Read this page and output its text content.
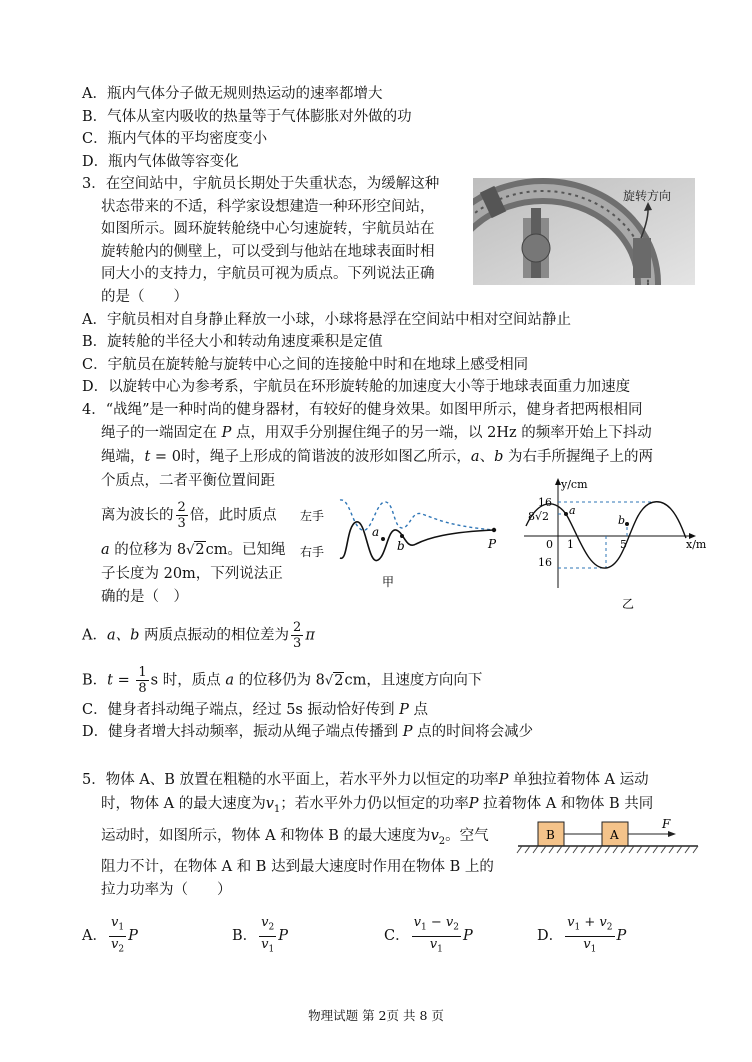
A．瓶内气体分子做无规则热运动的速率都增大
B．气体从室内吸收的热量等于气体膨胀对外做的功
C．瓶内气体的平均密度变小
D．瓶内气体做等容变化
3．在空间站中，宇航员长期处于失重状态，为缓解这种
状态带来的不适，科学家设想建造一种环形空间站，
如图所示。圆环旋转舱绕中心匀速旋转，宇航员站在
旋转舱内的侧壁上，可以受到与他站在地球表面时相
同大小的支持力，宇航员可视为质点。下列说法正确
的是（　　）
旋转方向
A．宇航员相对自身静止释放一小球，小球将悬浮在空间站中相对空间站静止
B．旋转舱的半径大小和转动角速度乘积是定值
C．宇航员在旋转舱与旋转中心之间的连接舱中时和在地球上感受相同
D．以旋转中心为参考系，宇航员在环形旋转舱的加速度大小等于地球表面重力加速度
4．“战绳”是一种时尚的健身器材，有较好的健身效果。如图甲所示，健身者把两根相同
绳子的一端固定在 P 点，用双手分别握住绳子的另一端，以 2Hz 的频率开始上下抖动
绳端，t = 0时，绳子上形成的简谐波的波形如图乙所示，a、b 为右手所握绳子上的两
个质点，二者平衡位置间距
离为波长的 $\frac{2}{3}$ 倍，此时质点
a 的位移为 8√2cm。已知绳
子长度为 20m，下列说法正
确的是（　）
左手
右手
a
b	P
甲
y/cm
x/m
16
8√2
0 1	5
16
a
b
乙
A．a、b 两质点振动的相位差为 $\frac{2}{3}$ π
B．$t = \frac{1}{8}$ s 时，质点 a 的位移仍为 8√2cm，且速度方向向下
C．健身者抖动绳子端点，经过 5s 振动恰好传到 P 点
D．健身者增大抖动频率，振动从绳子端点传播到 P 点的时间将会减少
5．物体 A、B 放置在粗糙的水平面上，若水平外力以恒定的功率P 单独拉着物体 A 运动
时，物体 A 的最大速度为$v_1$；若水平外力仍以恒定的功率P 拉着物体 A 和物体 B 共同
运动时，如图所示，物体 A 和物体 B 的最大速度为$v_2$。空气
阻力不计，在物体 A 和 B 达到最大速度时作用在物体 B 上的
拉力功率为（　　）
B	A
F
A． $\frac{v_1}{v_2}$ P	B． $\frac{v_2}{v_1}$ P	C． $\frac{v_1 - v_2}{v_1}$ P	D． $\frac{v_1 + v_2}{v_1}$ P
物理试题 第 2页 共 8 页
